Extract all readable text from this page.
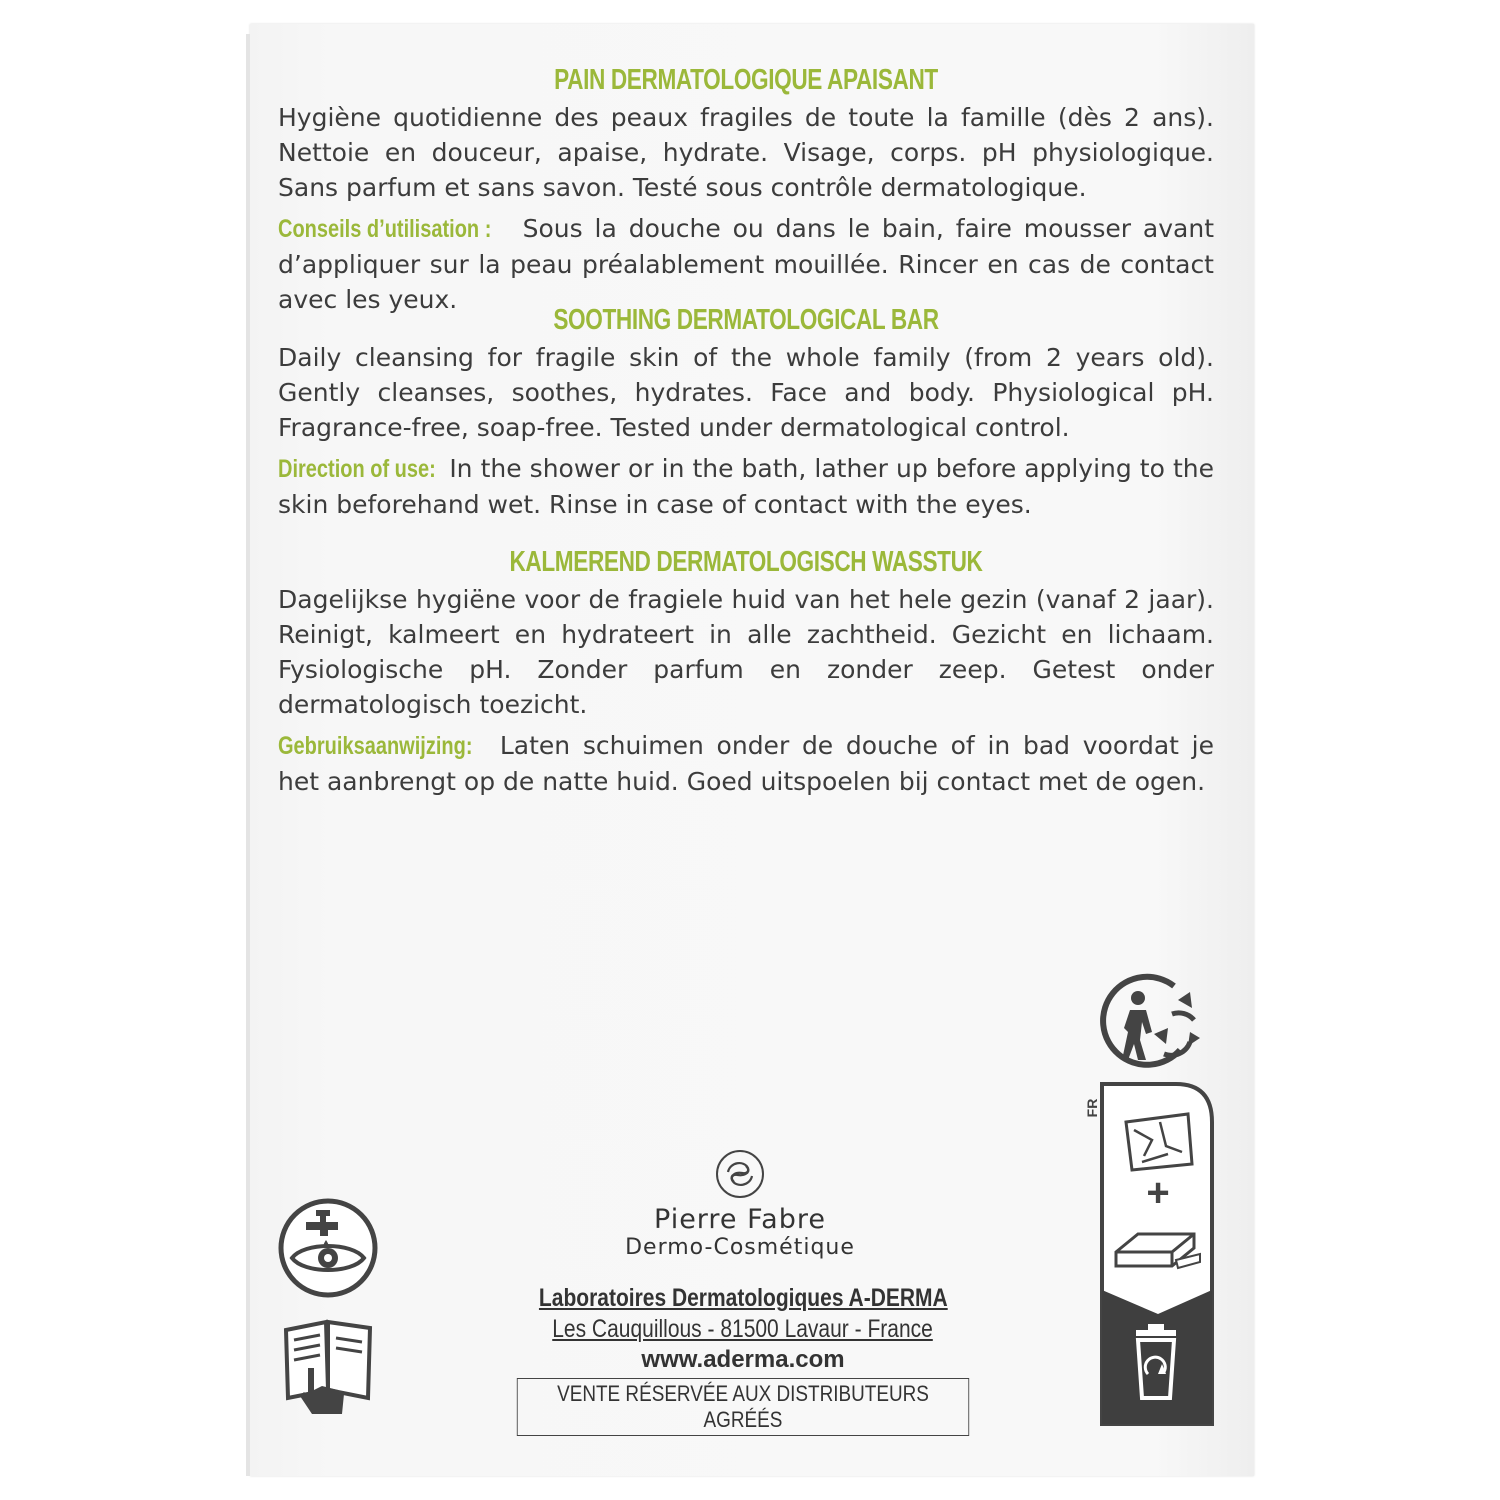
PAIN DERMATOLOGIQUE APAISANT

Hygiène quotidienne des peaux fragiles de toute la famille (dès 2 ans). Nettoie en douceur, apaise, hydrate. Visage, corps. pH physiologique. Sans parfum et sans savon. Testé sous contrôle dermatologique.

Conseils d’utilisation : Sous la douche ou dans le bain, faire mousser avant d’appliquer sur la peau préalablement mouillée. Rincer en cas de contact avec les yeux.

SOOTHING DERMATOLOGICAL BAR

Daily cleansing for fragile skin of the whole family (from 2 years old). Gently cleanses, soothes, hydrates. Face and body. Physiological pH. Fragrance-free, soap-free. Tested under dermatological control.

Direction of use: In the shower or in the bath, lather up before applying to the skin beforehand wet. Rinse in case of contact with the eyes.

KALMEREND DERMATOLOGISCH WASSTUK

Dagelijkse hygiëne voor de fragiele huid van het hele gezin (vanaf 2 jaar). Reinigt, kalmeert en hydrateert in alle zachtheid. Gezicht en lichaam. Fysiologische pH. Zonder parfum en zonder zeep. Getest onder dermatologisch toezicht.

Gebruiksaanwijzing: Laten schuimen onder de douche of in bad voordat je het aanbrengt op de natte huid. Goed uitspoelen bij contact met de ogen.

Pierre Fabre
Dermo-Cosmétique
Laboratoires Dermatologiques A-DERMA
Les Cauquillous - 81500 Lavaur - France
www.aderma.com
VENTE RÉSERVÉE AUX DISTRIBUTEURS AGRÉÉS
FR
+
